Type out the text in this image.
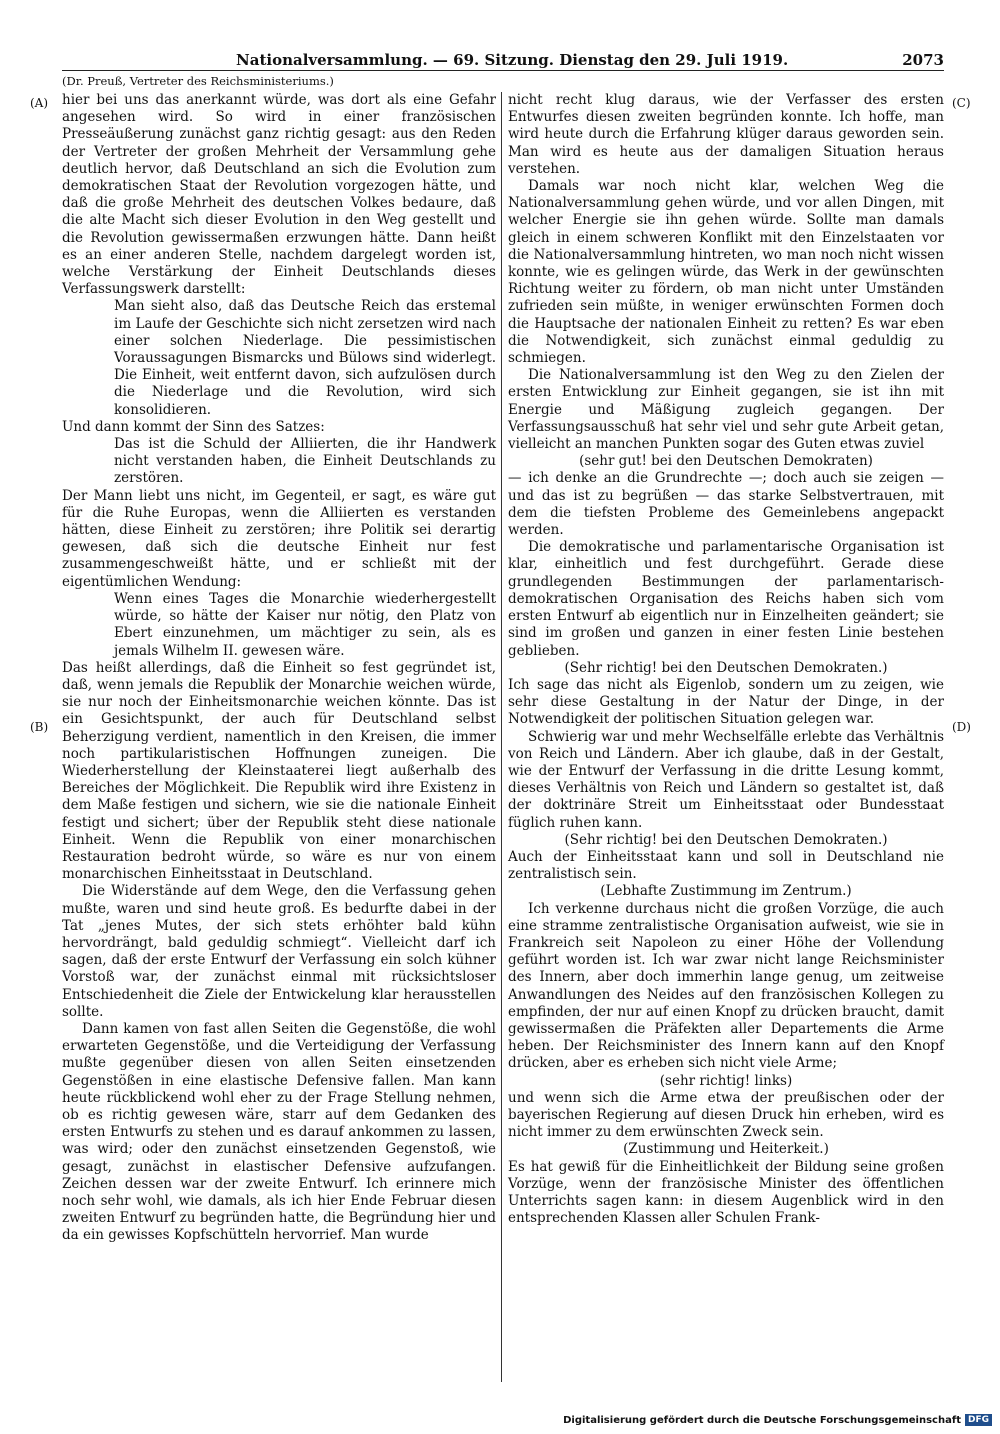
Nationalversammlung. — 69. Sitzung. Dienstag den 29. Juli 1919.	2073
(Dr. Preuß, Vertreter des Reichsministeriums.)
(A)
(B)
(C)
(D)

hier bei uns das anerkannt würde, was dort als eine Gefahr angesehen wird. So wird in einer französischen Presseäußerung zunächst ganz richtig gesagt: aus den Reden der Vertreter der großen Mehrheit der Versammlung gehe deutlich hervor, daß Deutschland an sich die Evolution zum demokratischen Staat der Revolution vorgezogen hätte, und daß die große Mehrheit des deutschen Volkes bedaure, daß die alte Macht sich dieser Evolution in den Weg gestellt und die Revolution gewissermaßen erzwungen hätte. Dann heißt es an einer anderen Stelle, nachdem dargelegt worden ist, welche Verstärkung der Einheit Deutschlands dieses Verfassungswerk darstellt:

Man sieht also, daß das Deutsche Reich das erstemal im Laufe der Geschichte sich nicht zersetzen wird nach einer solchen Niederlage. Die pessimistischen Voraussagungen Bismarcks und Bülows sind widerlegt. Die Einheit, weit entfernt davon, sich aufzulösen durch die Niederlage und die Revolution, wird sich konsolidieren.

Und dann kommt der Sinn des Satzes:

Das ist die Schuld der Alliierten, die ihr Handwerk nicht verstanden haben, die Einheit Deutschlands zu zerstören.

Der Mann liebt uns nicht, im Gegenteil, er sagt, es wäre gut für die Ruhe Europas, wenn die Alliierten es verstanden hätten, diese Einheit zu zerstören; ihre Politik sei derartig gewesen, daß sich die deutsche Einheit nur fest zusammengeschweißt hätte, und er schließt mit der eigentümlichen Wendung:

Wenn eines Tages die Monarchie wiederhergestellt würde, so hätte der Kaiser nur nötig, den Platz von Ebert einzunehmen, um mächtiger zu sein, als es jemals Wilhelm II. gewesen wäre.

Das heißt allerdings, daß die Einheit so fest gegründet ist, daß, wenn jemals die Republik der Monarchie weichen würde, sie nur noch der Einheitsmonarchie weichen könnte. Das ist ein Gesichtspunkt, der auch für Deutschland selbst Beherzigung verdient, namentlich in den Kreisen, die immer noch partikularistischen Hoffnungen zuneigen. Die Wiederherstellung der Kleinstaaterei liegt außerhalb des Bereiches der Möglichkeit. Die Republik wird ihre Existenz in dem Maße festigen und sichern, wie sie die nationale Einheit festigt und sichert; über der Republik steht diese nationale Einheit. Wenn die Republik von einer monarchischen Restauration bedroht würde, so wäre es nur von einem monarchischen Einheitsstaat in Deutschland.

Die Widerstände auf dem Wege, den die Verfassung gehen mußte, waren und sind heute groß. Es bedurfte dabei in der Tat „jenes Mutes, der sich stets erhöhter bald kühn hervordrängt, bald geduldig schmiegt“. Vielleicht darf ich sagen, daß der erste Entwurf der Verfassung ein solch kühner Vorstoß war, der zunächst einmal mit rücksichtsloser Entschiedenheit die Ziele der Entwickelung klar herausstellen sollte.

Dann kamen von fast allen Seiten die Gegenstöße, die wohl erwarteten Gegenstöße, und die Verteidigung der Verfassung mußte gegenüber diesen von allen Seiten einsetzenden Gegenstößen in eine elastische Defensive fallen. Man kann heute rückblickend wohl eher zu der Frage Stellung nehmen, ob es richtig gewesen wäre, starr auf dem Gedanken des ersten Entwurfs zu stehen und es darauf ankommen zu lassen, was wird; oder den zunächst einsetzenden Gegenstoß, wie gesagt, zunächst in elastischer Defensive aufzufangen. Zeichen dessen war der zweite Entwurf. Ich erinnere mich noch sehr wohl, wie damals, als ich hier Ende Februar diesen zweiten Entwurf zu begründen hatte, die Begründung hier und da ein gewisses Kopfschütteln hervorrief. Man wurde

nicht recht klug daraus, wie der Verfasser des ersten Entwurfes diesen zweiten begründen konnte. Ich hoffe, man wird heute durch die Erfahrung klüger daraus geworden sein. Man wird es heute aus der damaligen Situation heraus verstehen.

Damals war noch nicht klar, welchen Weg die Nationalversammlung gehen würde, und vor allen Dingen, mit welcher Energie sie ihn gehen würde. Sollte man damals gleich in einem schweren Konflikt mit den Einzelstaaten vor die Nationalversammlung hintreten, wo man noch nicht wissen konnte, wie es gelingen würde, das Werk in der gewünschten Richtung weiter zu fördern, ob man nicht unter Umständen zufrieden sein müßte, in weniger erwünschten Formen doch die Hauptsache der nationalen Einheit zu retten? Es war eben die Notwendigkeit, sich zunächst einmal geduldig zu schmiegen.

Die Nationalversammlung ist den Weg zu den Zielen der ersten Entwicklung zur Einheit gegangen, sie ist ihn mit Energie und Mäßigung zugleich gegangen. Der Verfassungsausschuß hat sehr viel und sehr gute Arbeit getan, vielleicht an manchen Punkten sogar des Guten etwas zuviel

(sehr gut! bei den Deutschen Demokraten)

— ich denke an die Grundrechte —; doch auch sie zeigen — und das ist zu begrüßen — das starke Selbstvertrauen, mit dem die tiefsten Probleme des Gemeinlebens angepackt werden.

Die demokratische und parlamentarische Organisation ist klar, einheitlich und fest durchgeführt. Gerade diese grundlegenden Bestimmungen der parlamentarisch-demokratischen Organisation des Reichs haben sich vom ersten Entwurf ab eigentlich nur in Einzelheiten geändert; sie sind im großen und ganzen in einer festen Linie bestehen geblieben.

(Sehr richtig! bei den Deutschen Demokraten.)

Ich sage das nicht als Eigenlob, sondern um zu zeigen, wie sehr diese Gestaltung in der Natur der Dinge, in der Notwendigkeit der politischen Situation gelegen war.

Schwierig war und mehr Wechselfälle erlebte das Verhältnis von Reich und Ländern. Aber ich glaube, daß in der Gestalt, wie der Entwurf der Verfassung in die dritte Lesung kommt, dieses Verhältnis von Reich und Ländern so gestaltet ist, daß der doktrinäre Streit um Einheitsstaat oder Bundesstaat füglich ruhen kann.

(Sehr richtig! bei den Deutschen Demokraten.)

Auch der Einheitsstaat kann und soll in Deutschland nie zentralistisch sein.

(Lebhafte Zustimmung im Zentrum.)

Ich verkenne durchaus nicht die großen Vorzüge, die auch eine stramme zentralistische Organisation aufweist, wie sie in Frankreich seit Napoleon zu einer Höhe der Vollendung geführt worden ist. Ich war zwar nicht lange Reichsminister des Innern, aber doch immerhin lange genug, um zeitweise Anwandlungen des Neides auf den französischen Kollegen zu empfinden, der nur auf einen Knopf zu drücken braucht, damit gewissermaßen die Präfekten aller Departements die Arme heben. Der Reichsminister des Innern kann auf den Knopf drücken, aber es erheben sich nicht viele Arme;

(sehr richtig! links)

und wenn sich die Arme etwa der preußischen oder der bayerischen Regierung auf diesen Druck hin erheben, wird es nicht immer zu dem erwünschten Zweck sein.

(Zustimmung und Heiterkeit.)

Es hat gewiß für die Einheitlichkeit der Bildung seine großen Vorzüge, wenn der französische Minister des öffentlichen Unterrichts sagen kann: in diesem Augenblick wird in den entsprechenden Klassen aller Schulen Frank-

Digitalisierung gefördert durch die Deutsche Forschungsgemeinschaft DFG
